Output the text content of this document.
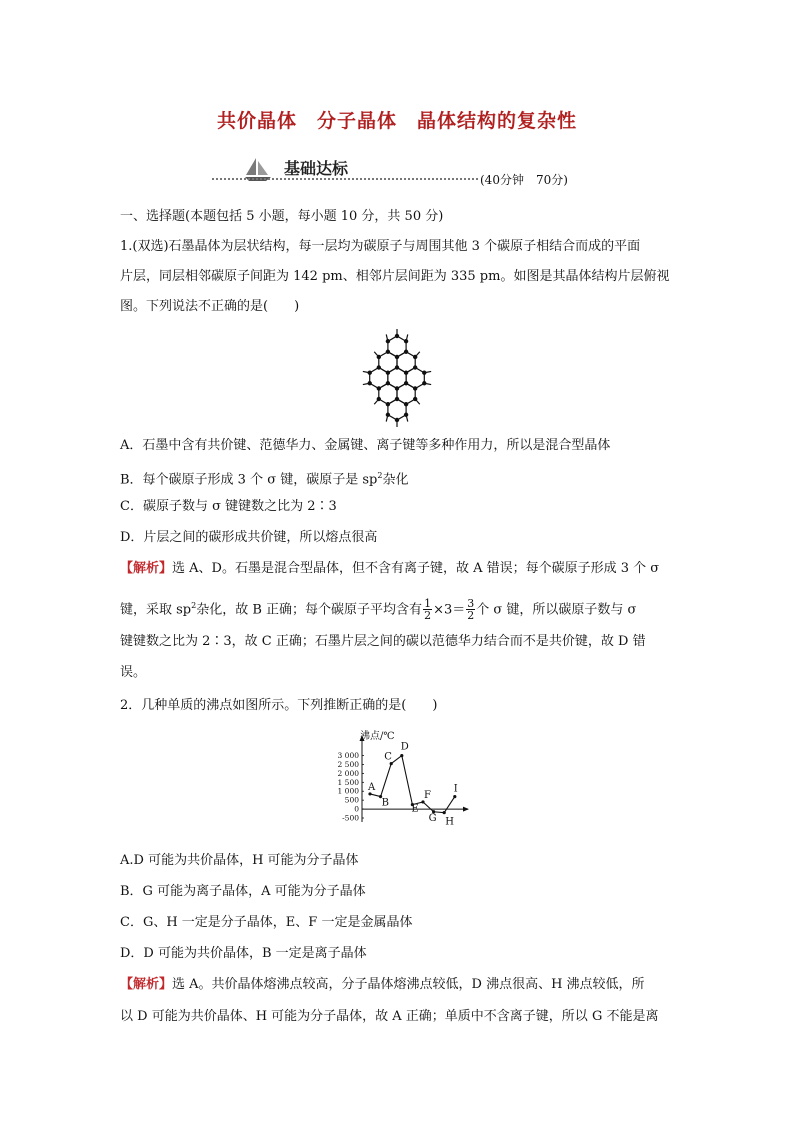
共价晶体　分子晶体　晶体结构的复杂性
基础达标
(40分钟　70分)
一、选择题(本题包括 5 小题，每小题 10 分，共 50 分)
1.(双选)石墨晶体为层状结构，每一层均为碳原子与周围其他 3 个碳原子相结合而成的平面
片层，同层相邻碳原子间距为 142 pm、相邻片层间距为 335 pm。如图是其晶体结构片层俯视
图。下列说法不正确的是(　　)
A．石墨中含有共价键、范德华力、金属键、离子键等多种作用力，所以是混合型晶体
B．每个碳原子形成 3 个 σ 键，碳原子是 $sp^2$杂化
C．碳原子数与 σ 键键数之比为 2∶3
D．片层之间的碳形成共价键，所以熔点很高
【解析】选 A、D。石墨是混合型晶体，但不含有离子键，故 A 错误；每个碳原子形成 3 个 σ
键，采取 $sp^2$杂化，故 B 正确；每个碳原子平均含有 $\frac{1}{2} \times 3= \frac{3}{2}$ 个 σ 键，所以碳原子数与 σ
键键数之比为 2∶3，故 C 正确；石墨片层之间的碳以范德华力结合而不是共价键，故 D 错
误。
2．几种单质的沸点如图所示。下列推断正确的是(　　)
沸点/℃
3 000
2 500
2 000
1 500
1 000
500
0
-500
A
B
C
D
E
F
G H
I
A.D 可能为共价晶体，H 可能为分子晶体
B．G 可能为离子晶体，A 可能为分子晶体
C．G、H 一定是分子晶体，E、F 一定是金属晶体
D．D 可能为共价晶体，B 一定是离子晶体
【解析】选 A。共价晶体熔沸点较高，分子晶体熔沸点较低，D 沸点很高、H 沸点较低，所
以 D 可能为共价晶体、H 可能为分子晶体，故 A 正确；单质中不含离子键，所以 G 不能是离
